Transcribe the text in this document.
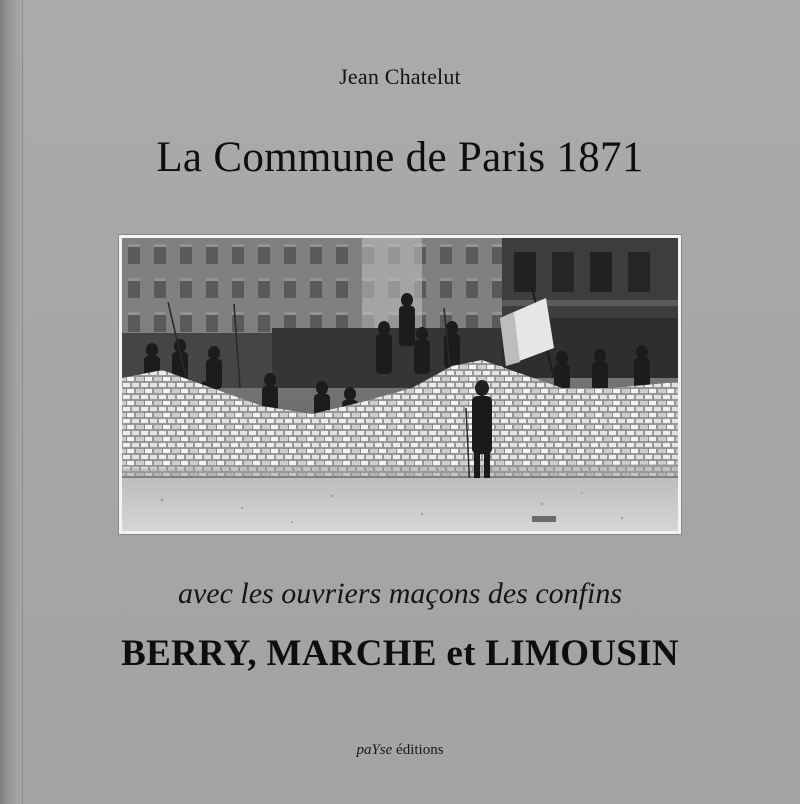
Jean Chatelut
La Commune de Paris 1871
avec les ouvriers maçons des confins
BERRY, MARCHE et LIMOUSIN
paYse éditions
